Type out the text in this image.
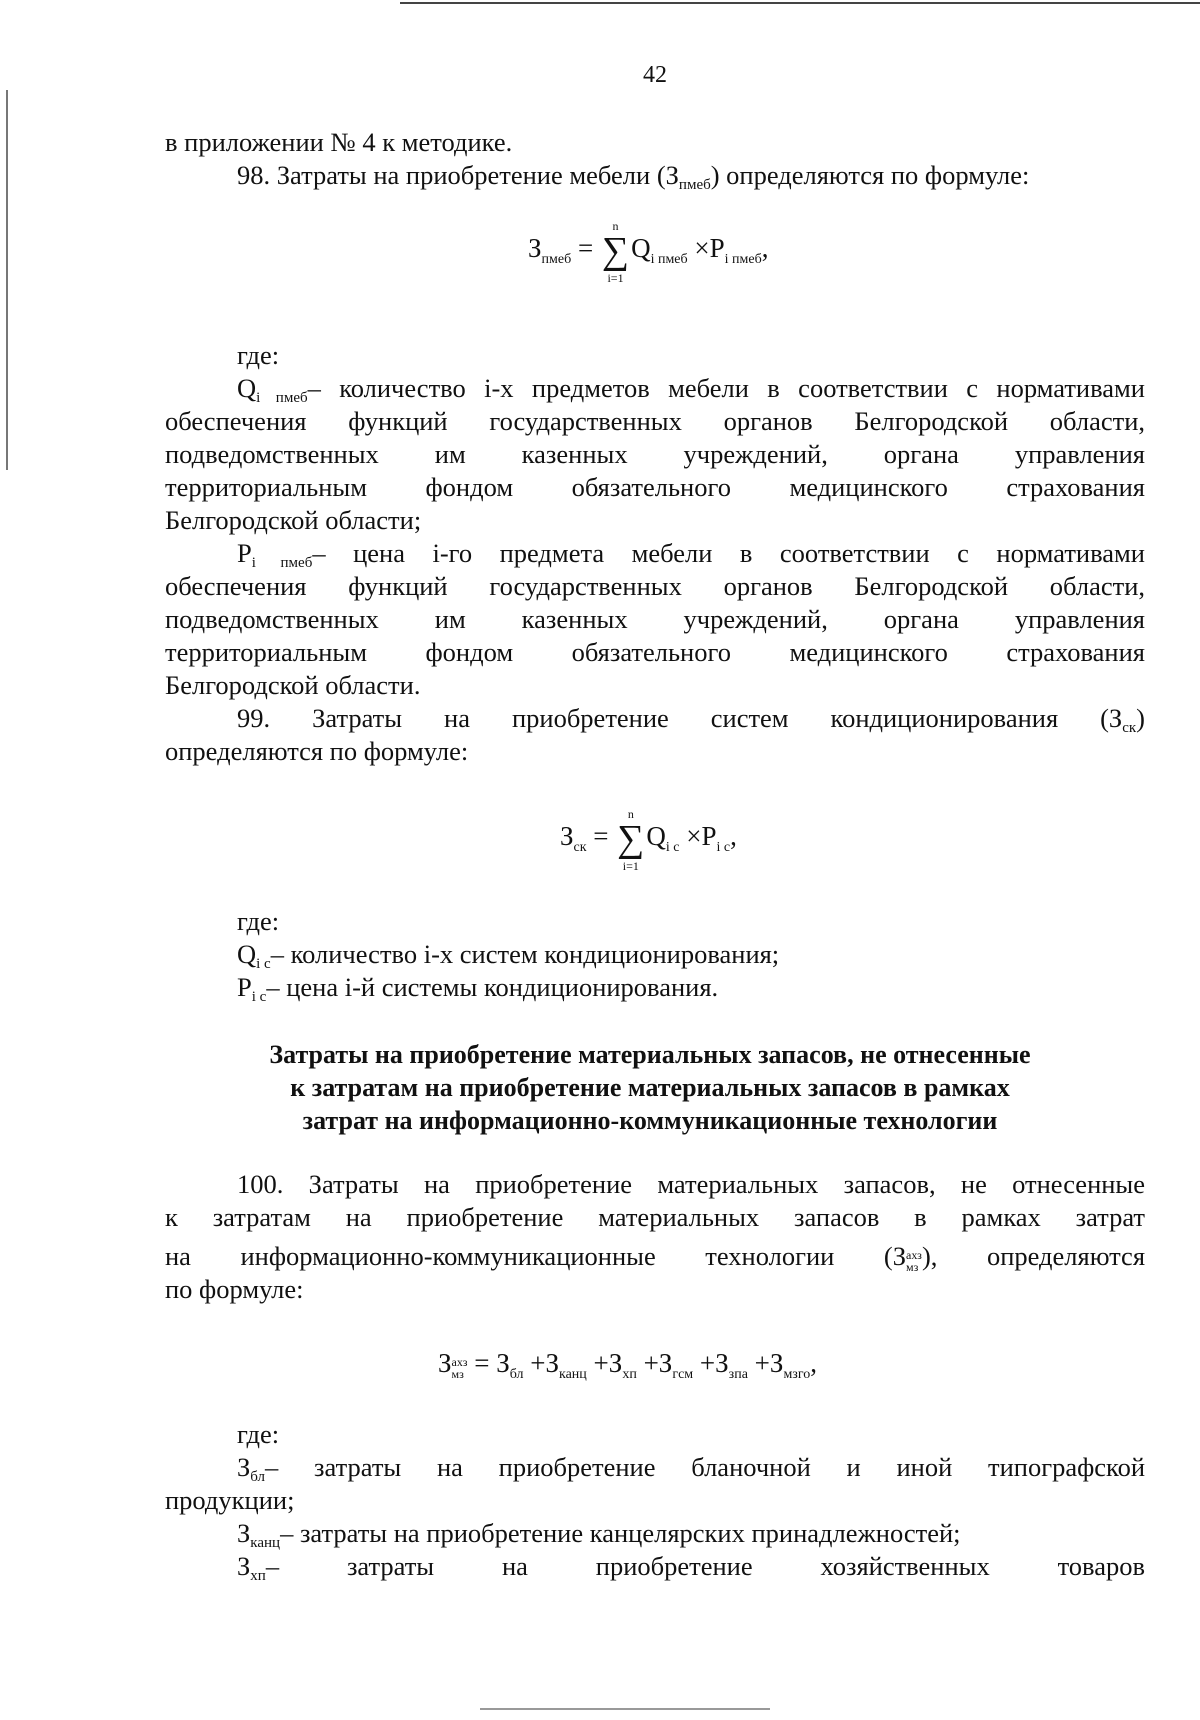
42

в приложении № 4 к методике.

98. Затраты на приобретение мебели $(З_{пмеб})$ определяются по формуле:

$З_{пмеб}$ = ∑
n
i=1
$Q_{i пмеб} \times P_{i пмеб}$,

где:

$Q_{i пмеб}-$ количество i-х предметов мебели в соответствии с нормативами

обеспечения функций государственных органов Белгородской области,

подведомственных им казенных учреждений, органа управления

территориальным фондом обязательного медицинского страхования

Белгородской области;

$P_{i пмеб}-$ цена i-го предмета мебели в соответствии с нормативами

обеспечения функций государственных органов Белгородской области,

подведомственных им казенных учреждений, органа управления

территориальным фондом обязательного медицинского страхования

Белгородской области.

99. Затраты на приобретение систем кондиционирования $(З_{ск})$

определяются по формуле:

$З_{ск}$ = ∑
n
i=1
$Q_{i с} \times P_{i с}$,

где:

$Q_{i с}-$ количество i-х систем кондиционирования;

$P_{i с}-$ цена i-й системы кондиционирования.

Затраты на приобретение материальных запасов, не отнесенные
к затратам на приобретение материальных запасов в рамках
затрат на информационно-коммуникационные технологии

100. Затраты на приобретение материальных запасов, не отнесенные

к затратам на приобретение материальных запасов в рамках затрат

на информационно-коммуникационные технологии (З ахз
мз ), определяются

по формуле:

З ахз
мз = $З_{бл} +З_{канц} +З_{хп} +З_{гсм} +З_{зпа} +З_{мзго}$,

где:

$З_{бл}-$ затраты на приобретение бланочной и иной типографской

продукции;

$З_{канц}-$ затраты на приобретение канцелярских принадлежностей;

$З_{хп}-$ затраты на приобретение хозяйственных товаров
